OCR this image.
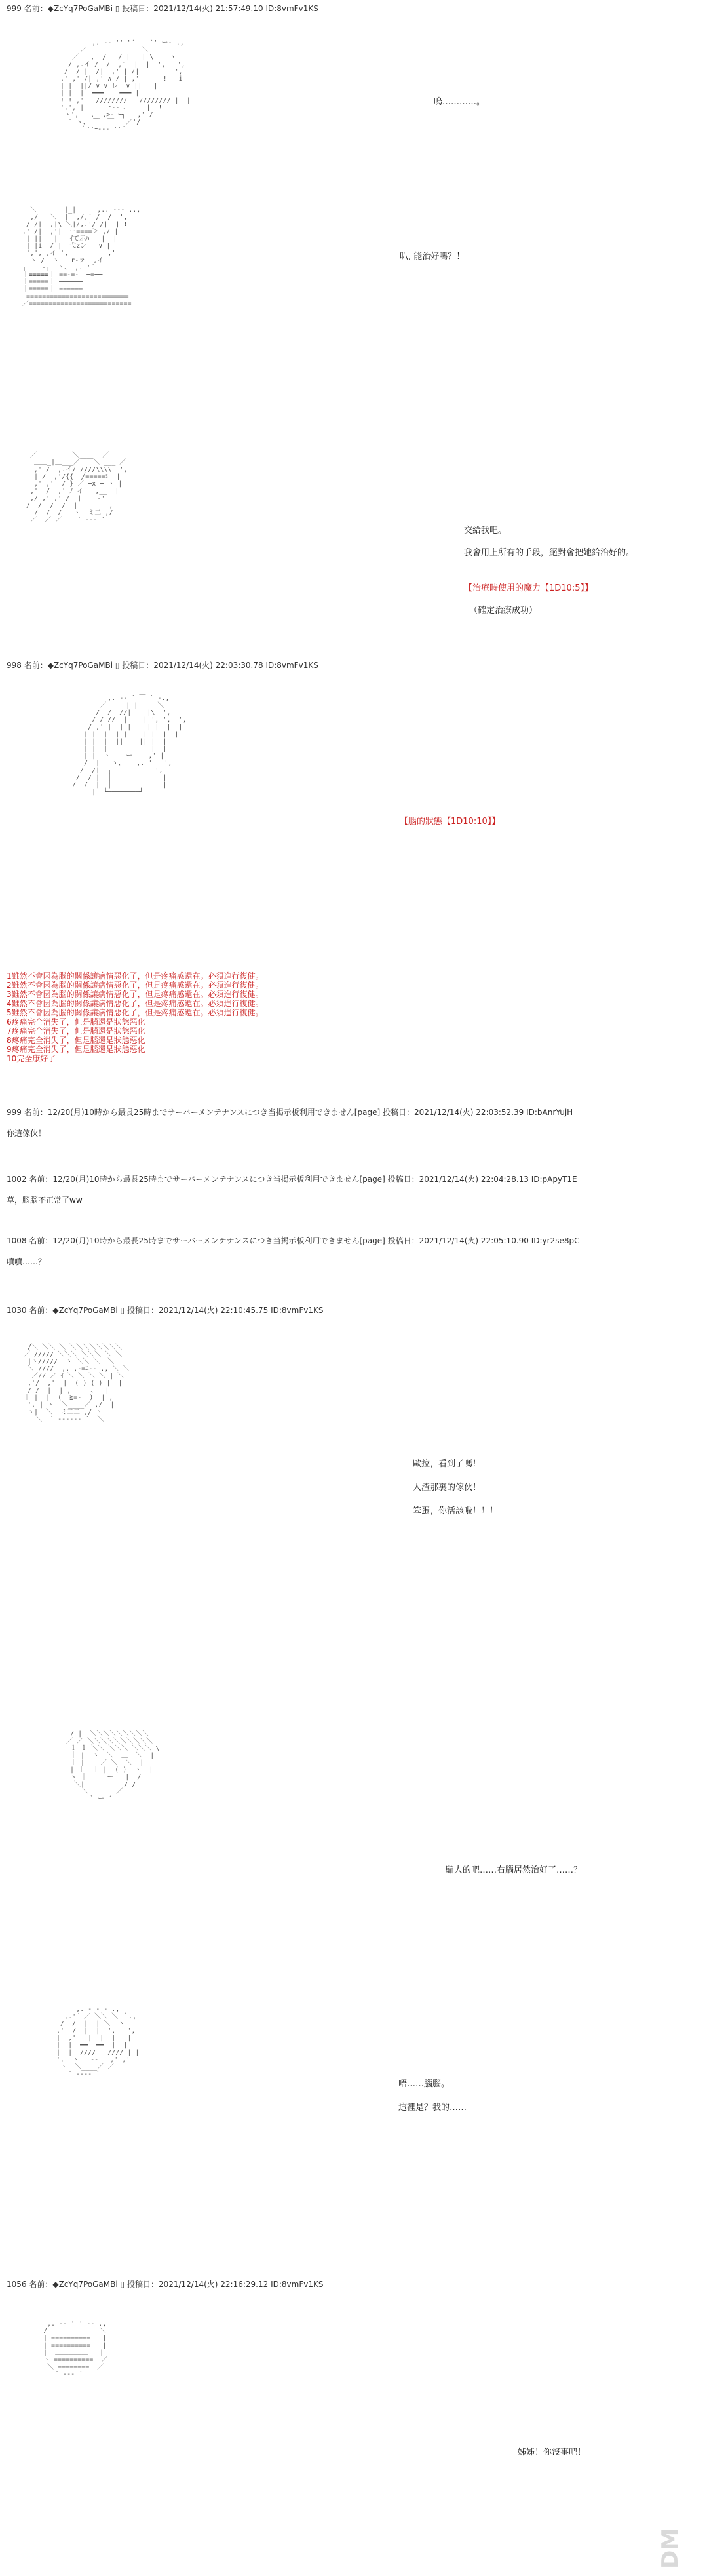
999 名前：◆ZcYq7PoGaMBi ▯ 投稿日：2021/12/14(火) 21:57:49.10 ID:8vmFv1KS
,. -‐ '' "´ ￣ `' ー- .,
／              ＼
／   ,  /   / |   | \    ヽ
/ ,.イ /  /  ,′  |  |  ',   ',
/  / |  /|  ,' | /|  |  |   ',
,' ,' /| ,' ∧ / | ,' |  | !   i
| |  ||/ ∨ ∨ レ  ∨ ||   |
| |  |  ━━━    ━━━ |  |
! ! ,'   ////////   //////// |  |
',', |      r‐‐ ､     |  !
ヽ',   ,_ ,>‐ ｰ┐   ,' /
` ヽ、 ￣  ￣   ／'/
｀''ｰ--- ''´
嗚…………。
＼  ＿＿＿|_|＿＿  ,.. ‐-‐ ..,
,/   ＼  |  ,/,´ /  /  ',
/ /|  ,|\ ＼|/,.'/ /|  | !
,' /|  ,'|  ー====＞ ,/ |  | |
| ||   |   ｲて示ﾊ   |  |
| |i  / |  弋zン   ∨ |
',', ,イ ',          ,'
ヽ /  ヽ   r‐ァ  ,イ
┌────‐┐  ヽ、 ,. '´
｜≡≡≡≡≡｜ ==‐=‐  ─=──
｜≡≡≡≡≡｜ ──────
｜≡≡≡≡≡｜ ======
==========================
／==========================
叭, 能治好嗎？！
￣￣￣￣￣￣￣￣￣￣￣￣￣
／         ＼      ／
＿＿_|＿___／￣￣＼ ___ ／
,' /  ,.イ/ ////\\\\  ',
| /  ,'/{{  ╱=====ﾐ  |
,' ,'  / } ／ ─x ─ ヽ |
,'  /  ,' ﾉ イ   ,__  |
,/ ,' ,' /  |    ‐'   |
/  /  /  /  |        ,'
/  /  /   ヽ  ミ二 ,/
／  ／ ／    ` ‐-‐ ´
交給我吧。
我會用上所有的手段，絕對會把她給治好的。
【治療時使用的魔力【1D10:5】】
（確定治療成功）
998 名前：◆ZcYq7PoGaMBi ▯ 投稿日：2021/12/14(火) 22:03:30.78 ID:8vmFv1KS
,. -‐ ´ ￣ ` -.,
／     | |     ＼
/  /  //|    |\  ',
/ / //  |    | ', ',  ',
/ ,' |  | |    | |  |  |
| |  |  | |    | |  |  |
| |  |  ||    || |  |
| |  |           |  |
| |  ヽ    ー    ,' |
/  |   ヽ、   ,. '   ',
/  /|  ┌────────┐  ',
/  / |  │          │  |
/  /  |  │          │  |
|  └────────┘
【腦的狀態【1D10:10】】
1雖然不會因為腦的關係讓病情惡化了，但是疼痛感還在。必須進行復健。
2雖然不會因為腦的關係讓病情惡化了，但是疼痛感還在。必須進行復健。
3雖然不會因為腦的關係讓病情惡化了，但是疼痛感還在。必須進行復健。
4雖然不會因為腦的關係讓病情惡化了，但是疼痛感還在。必須進行復健。
5雖然不會因為腦的關係讓病情惡化了，但是疼痛感還在。必須進行復健。
6疼痛完全消失了，但是腦還是狀態惡化
7疼痛完全消失了，但是腦還是狀態惡化
8疼痛完全消失了，但是腦還是狀態惡化
9疼痛完全消失了，但是腦還是狀態惡化
10完全康好了
999 名前：12/20(月)10時から最長25時までサーバーメンテナンスにつき当掲示板利用できません[page] 投稿日：2021/12/14(火) 22:03:52.39 ID:bAnrYujH
你這傢伙！
1002 名前：12/20(月)10時から最長25時までサーバーメンテナンスにつき当掲示板利用できません[page] 投稿日：2021/12/14(火) 22:04:28.13 ID:pApyT1E
草，腦腦不正常了ww
1008 名前：12/20(月)10時から最長25時までサーバーメンテナンスにつき当掲示板利用できません[page] 投稿日：2021/12/14(火) 22:05:10.90 ID:yr2se8pC
噴噴……？
1030 名前：◆ZcYq7PoGaMBi ▯ 投稿日：2021/12/14(火) 22:10:45.75 ID:8vmFv1KS
/＼ ＼＼ ＼ ＼＼＼＼＼＼＼＼
／ ///// ＼＼＼ ＼＼＼ ＼ ＼
|ヽ/////  ヽ ＼＼ ＼  ＼
＼ ////  ,. ,‐=ﾆ‐- ., ＼ ＼
／// ／ ｲ ＼ ＼ ＼ ＼ | ＼
,'/  ,'  |  ( ) ( ) |  |
/ /  |  | ,  ─  、  |  |
｜ |  |  (  ≧=‐  )  | ,'
', | ヽ  ＼____／ ,/  |
ヽ|  ＼  ミ二二 ,/ ヽ
＼  ` ‐----‐ ´  ＼
歐拉，看到了嗎！
人渣那裏的傢伙！
笨蛋，你活該啦！！！
/ |  ＼＼＼＼＼＼＼＼＼
／ ／ ＼＼＼＼＼＼＼＼＼＼
ｌ ｌ ＼＼ ＼＼＼ ＼＼＼ \
｜ |  ヽ  ＼__＿  ＼  |
｜ |    ／ ＼  ＼  |
| ｜  ｜ |  ( )  ヽ  |
ヽ ｜     ー   |  /
＼|          / /
＼       ／
` ー ´
騙人的吧……右腦居然治好了……？
,. - ‐ - .,
,.'´ ／ ＼＼ ＼ ｀.,
/  /  |  | ＼  ヽ
,'  /  |  |  ',   ',
|  ,'   |  |  |   |
|  |  ━━  ━━  |  |
|  |  ////   //// | |
',  ヽ   ‐‐   ,' ,'
ヽ  ＼____／ ／
` ‐‐‐‐ ´
唔……腦腦。
這裡是？我的……
1056 名前：◆ZcYq7PoGaMBi ▯ 投稿日：2021/12/14(火) 22:16:29.12 ID:8vmFv1KS
,. -‐ ' ' ‐- .,
/  ＿＿＿＿＿   ＼
| ==========   |
| ==========   |
|  ＿＿＿＿＿   |
ヽ ==========  ／
＼ ========  ／
` ‐-‐ ´
姊姊！你沒事吧！
DM
